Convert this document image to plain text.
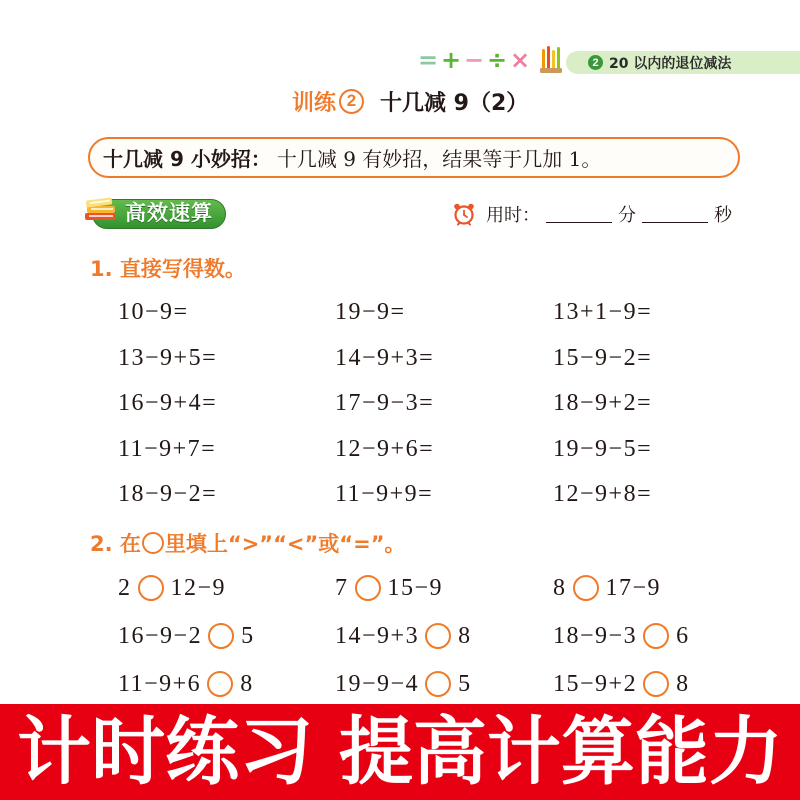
= + − ÷ ×	2 20 以内的退位减法
训练 2	十几减 9（2）
十几减 9 小妙招： 十几减 9 有妙招，结果等于几加 1。
高效速算	用时：	分	秒
1. 直接写得数。
10−9=	19−9=	13+1−9=
13−9+5=	14−9+3=	15−9−2=
16−9+4=	17−9−3=	18−9+2=
11−9+7=	12−9+6=	19−9−5=
18−9−2=	11−9+9=	12−9+8=
2. 在 里填上“>”“<”或“=”。
2 12−9	7 15−9	8 17−9
16−9−2 5	14−9+3 8	18−9−3 6
11−9+6 8	19−9−4 5	15−9+2 8
计时练习 提高计算能力
